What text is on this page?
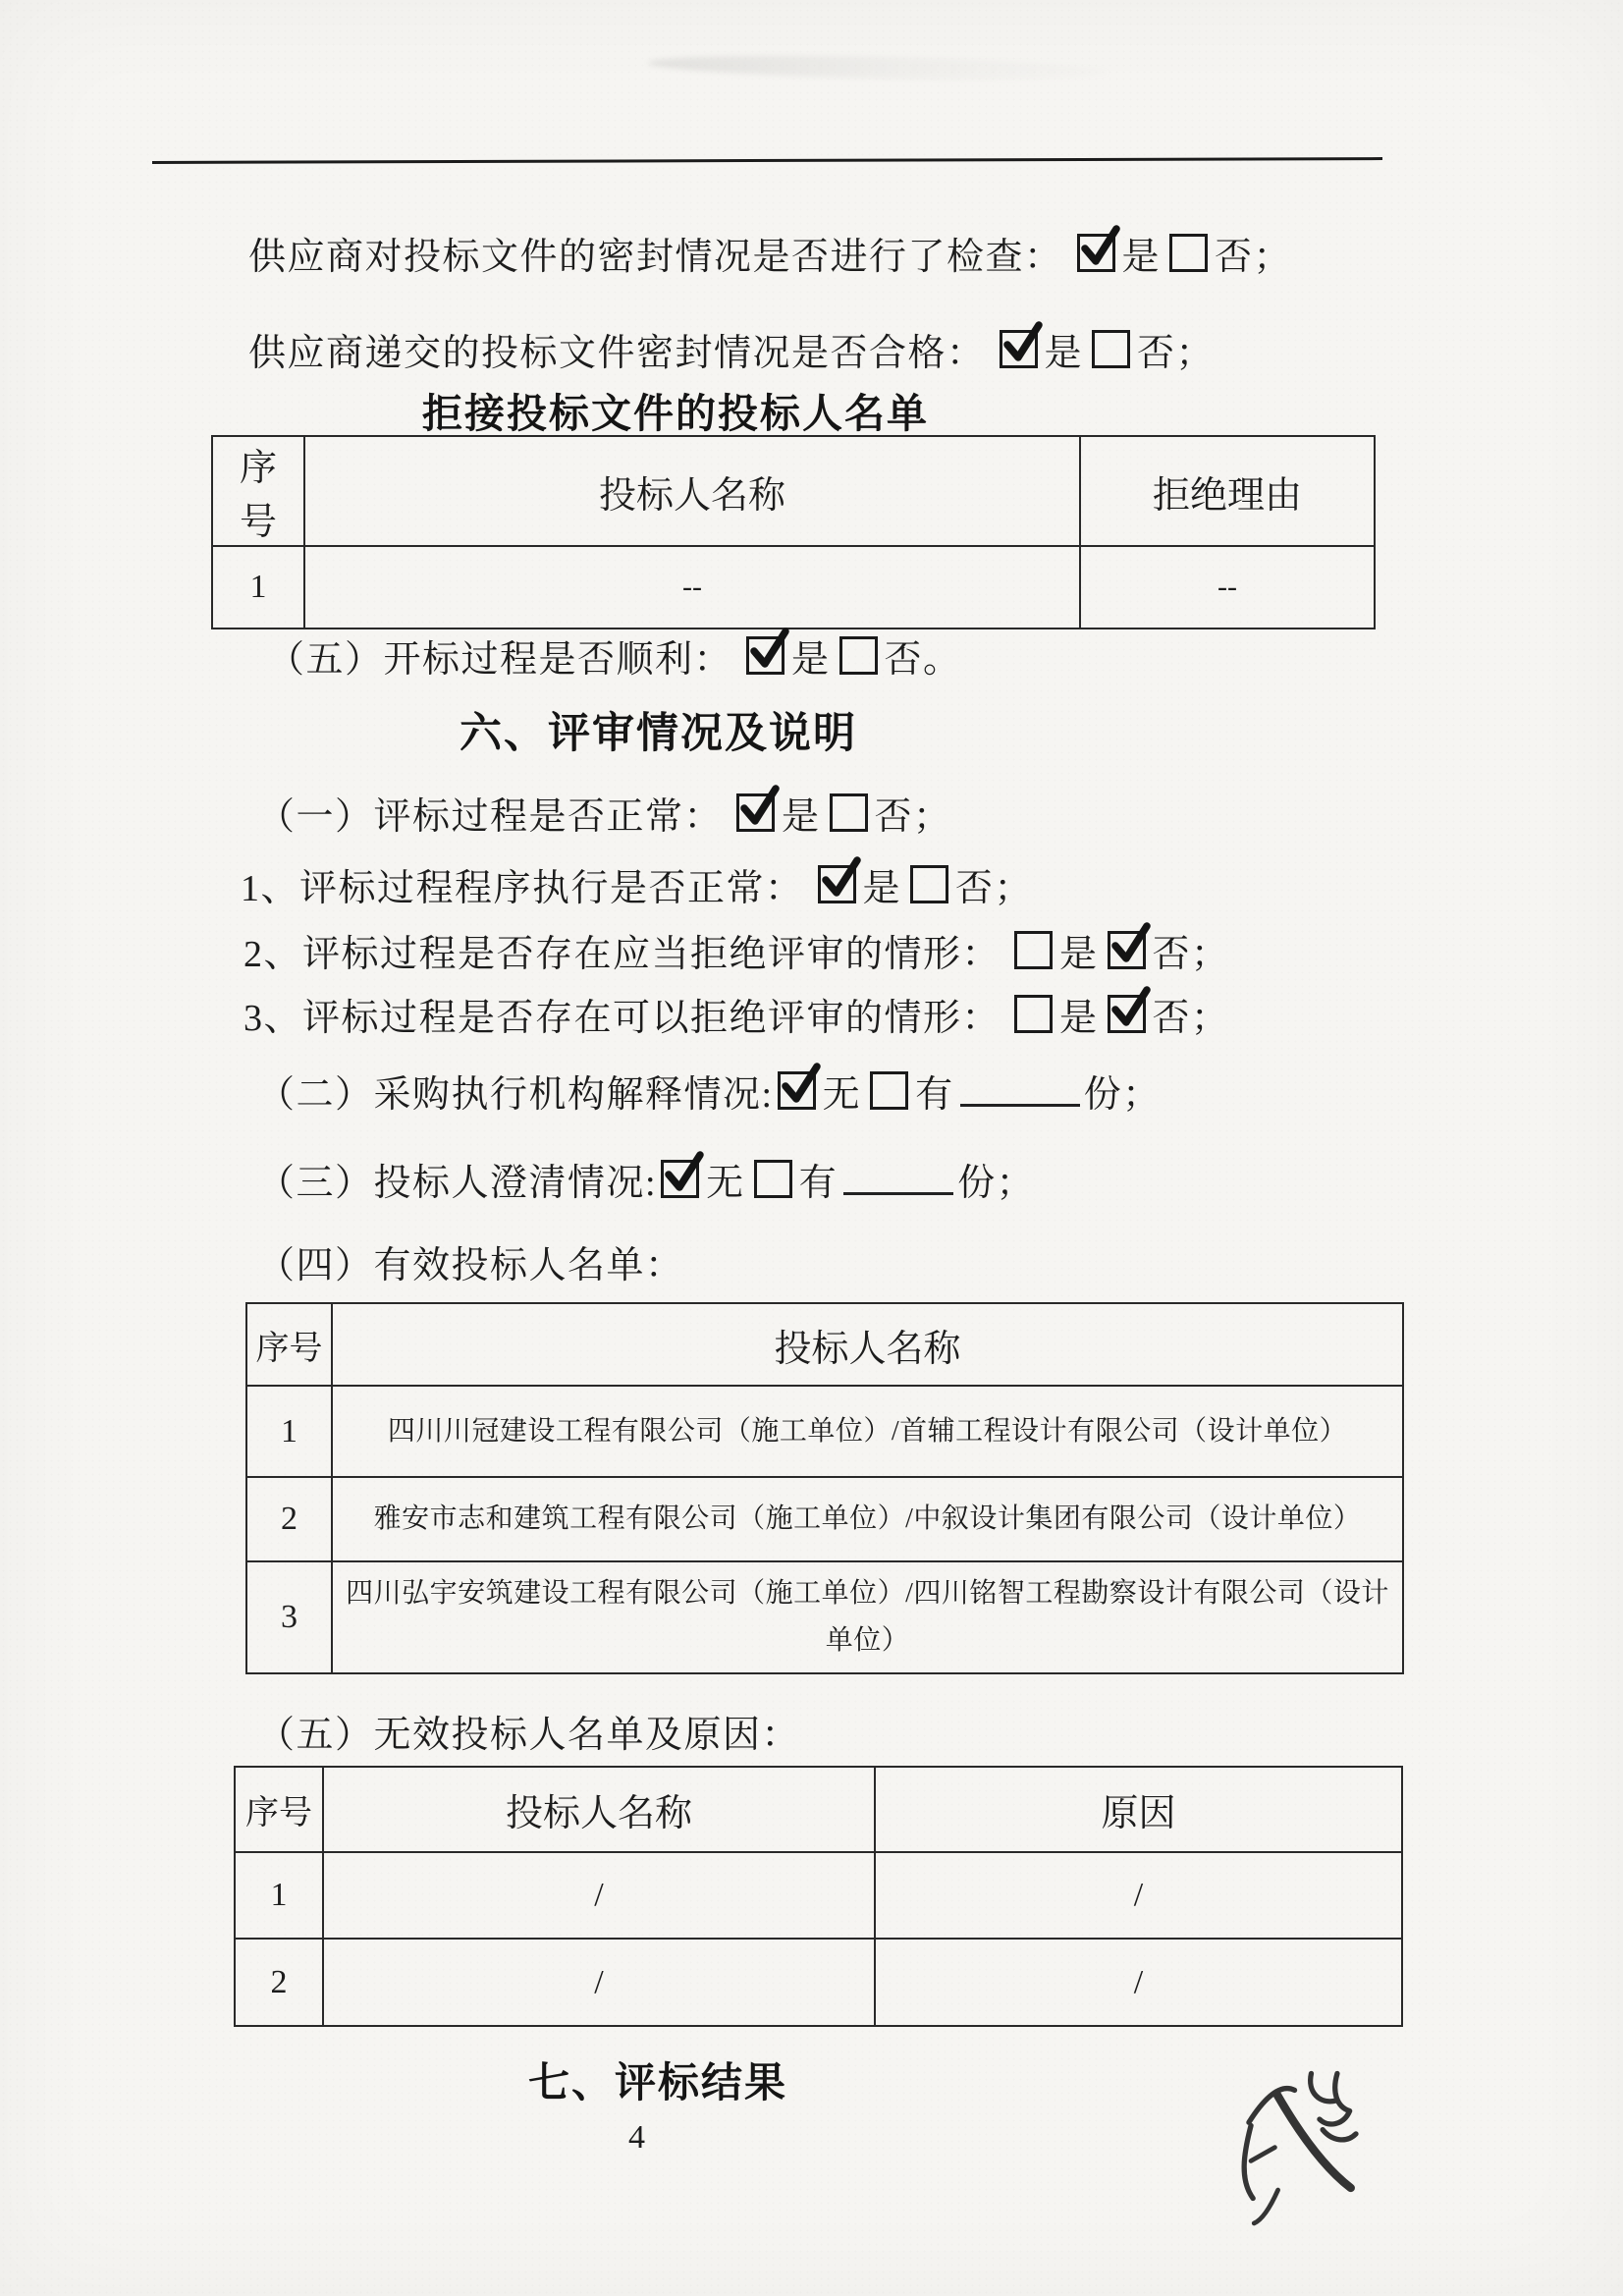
供应商对投标文件的密封情况是否进行了检查： 是 否 ；
供应商递交的投标文件密封情况是否合格： 是 否 ；
拒接投标文件的投标人名单
序号	投标人名称	拒绝理由
1	--	--
（五）开标过程是否顺利： 是 否 。
六、评审情况及说明
（一）评标过程是否正常： 是 否 ；
1、评标过程程序执行是否正常： 是 否 ；
2、评标过程是否存在应当拒绝评审的情形： 是 否 ；
3、评标过程是否存在可以拒绝评审的情形： 是 否 ；
（二）采购执行机构解释情况: 无 有	份；
（三）投标人澄清情况: 无 有	份；
（四）有效投标人名单：
序号	投标人名称
1	四川川冠建设工程有限公司（施工单位）/首辅工程设计有限公司（设计单位）
2	雅安市志和建筑工程有限公司（施工单位）/中叙设计集团有限公司（设计单位）
3	四川弘宇安筑建设工程有限公司（施工单位）/四川铭智工程勘察设计有限公司（设计单位）
（五）无效投标人名单及原因：
序号	投标人名称	原因
1	/	/
2	/	/
七、评标结果
4
